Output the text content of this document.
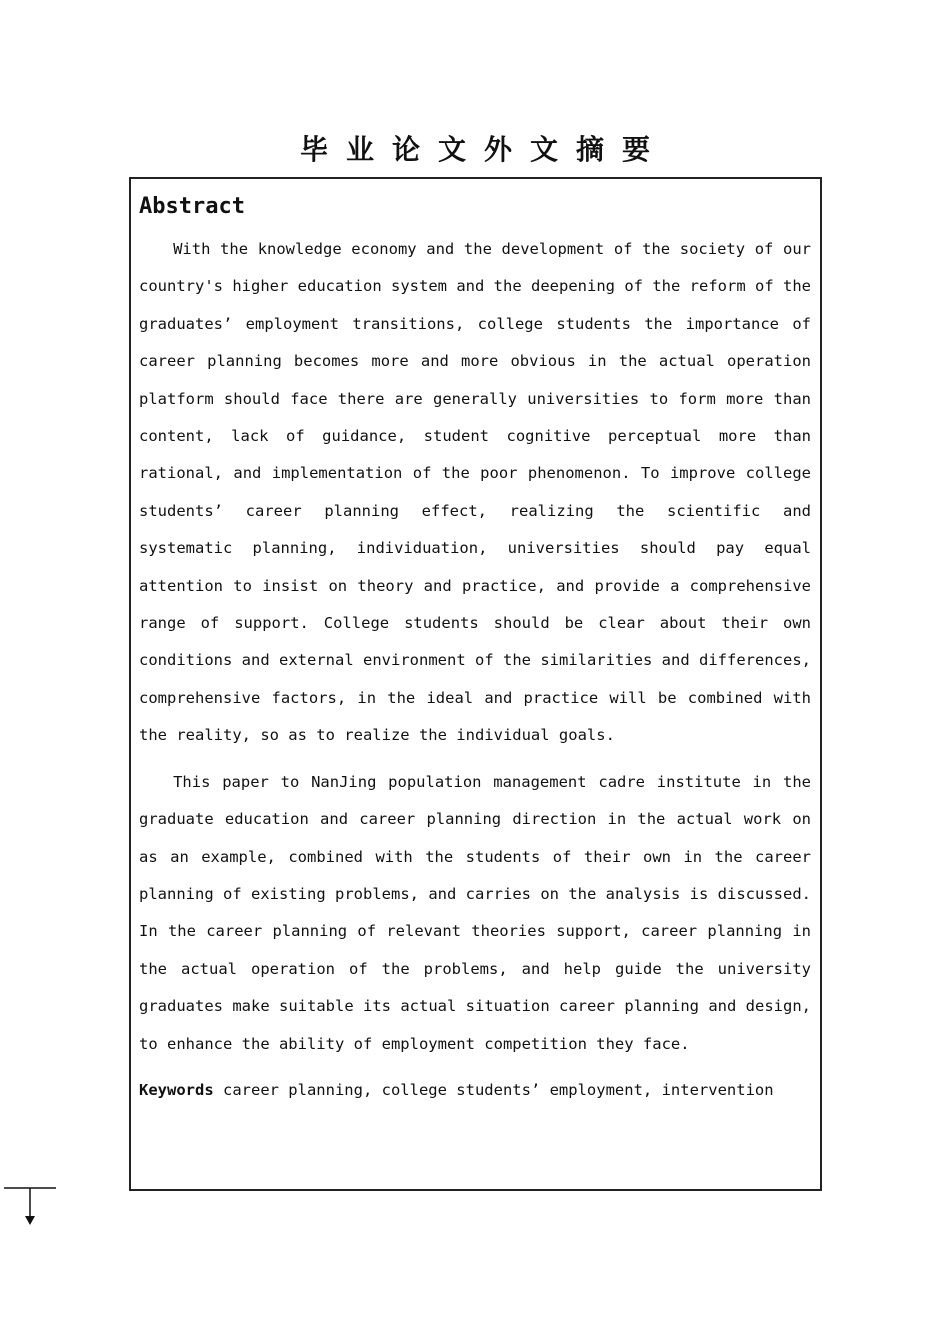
毕业论文外文摘要
Abstract

With the knowledge economy and the development of the society of our country's higher education system and the deepening of the reform of the graduates’ employment transitions, college students the importance of career planning becomes more and more obvious in the actual operation platform should face there are generally universities to form more than content, lack of guidance, student cognitive perceptual more than rational, and implementation of the poor phenomenon. To improve college students’ career planning effect, realizing the scientific and systematic planning, individuation, universities should pay equal attention to insist on theory and practice, and provide a comprehensive range of support. College students should be clear about their own conditions and external environment of the similarities and differences, comprehensive factors, in the ideal and practice will be combined with the reality, so as to realize the individual goals.

This paper to NanJing population management cadre institute in the graduate education and career planning direction in the actual work on as an example, combined with the students of their own in the career planning of existing problems, and carries on the analysis is discussed. In the career planning of relevant theories support, career planning in the actual operation of the problems, and help guide the university graduates make suitable its actual situation career planning and design, to enhance the ability of employment competition they face.

Keywords career planning, college students’ employment, intervention
